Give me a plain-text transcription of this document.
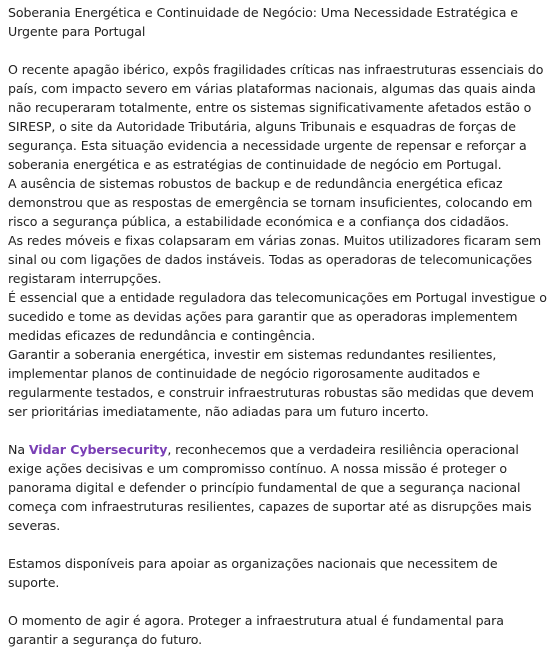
Soberania Energética e Continuidade de Negócio: Uma Necessidade Estratégica e Urgente para Portugal

O recente apagão ibérico, expôs fragilidades críticas nas infraestruturas essenciais do país, com impacto severo em várias plataformas nacionais, algumas das quais ainda não recuperaram totalmente, entre os sistemas significativamente afetados estão o SIRESP, o site da Autoridade Tributária, alguns Tribunais e esquadras de forças de segurança. Esta situação evidencia a necessidade urgente de repensar e reforçar a soberania energética e as estratégias de continuidade de negócio em Portugal.

A ausência de sistemas robustos de backup e de redundância energética eficaz demonstrou que as respostas de emergência se tornam insuficientes, colocando em risco a segurança pública, a estabilidade económica e a confiança dos cidadãos.

As redes móveis e fixas colapsaram em várias zonas. Muitos utilizadores ficaram sem sinal ou com ligações de dados instáveis. Todas as operadoras de telecomunicações registaram interrupções.

É essencial que a entidade reguladora das telecomunicações em Portugal investigue o sucedido e tome as devidas ações para garantir que as operadoras implementem medidas eficazes de redundância e contingência.

Garantir a soberania energética, investir em sistemas redundantes resilientes, implementar planos de continuidade de negócio rigorosamente auditados e regularmente testados, e construir infraestruturas robustas são medidas que devem ser prioritárias imediatamente, não adiadas para um futuro incerto.

Na Vidar Cybersecurity, reconhecemos que a verdadeira resiliência operacional exige ações decisivas e um compromisso contínuo. A nossa missão é proteger o panorama digital e defender o princípio fundamental de que a segurança nacional começa com infraestruturas resilientes, capazes de suportar até as disrupções mais severas.

Estamos disponíveis para apoiar as organizações nacionais que necessitem de suporte.

O momento de agir é agora. Proteger a infraestrutura atual é fundamental para garantir a segurança do futuro.
